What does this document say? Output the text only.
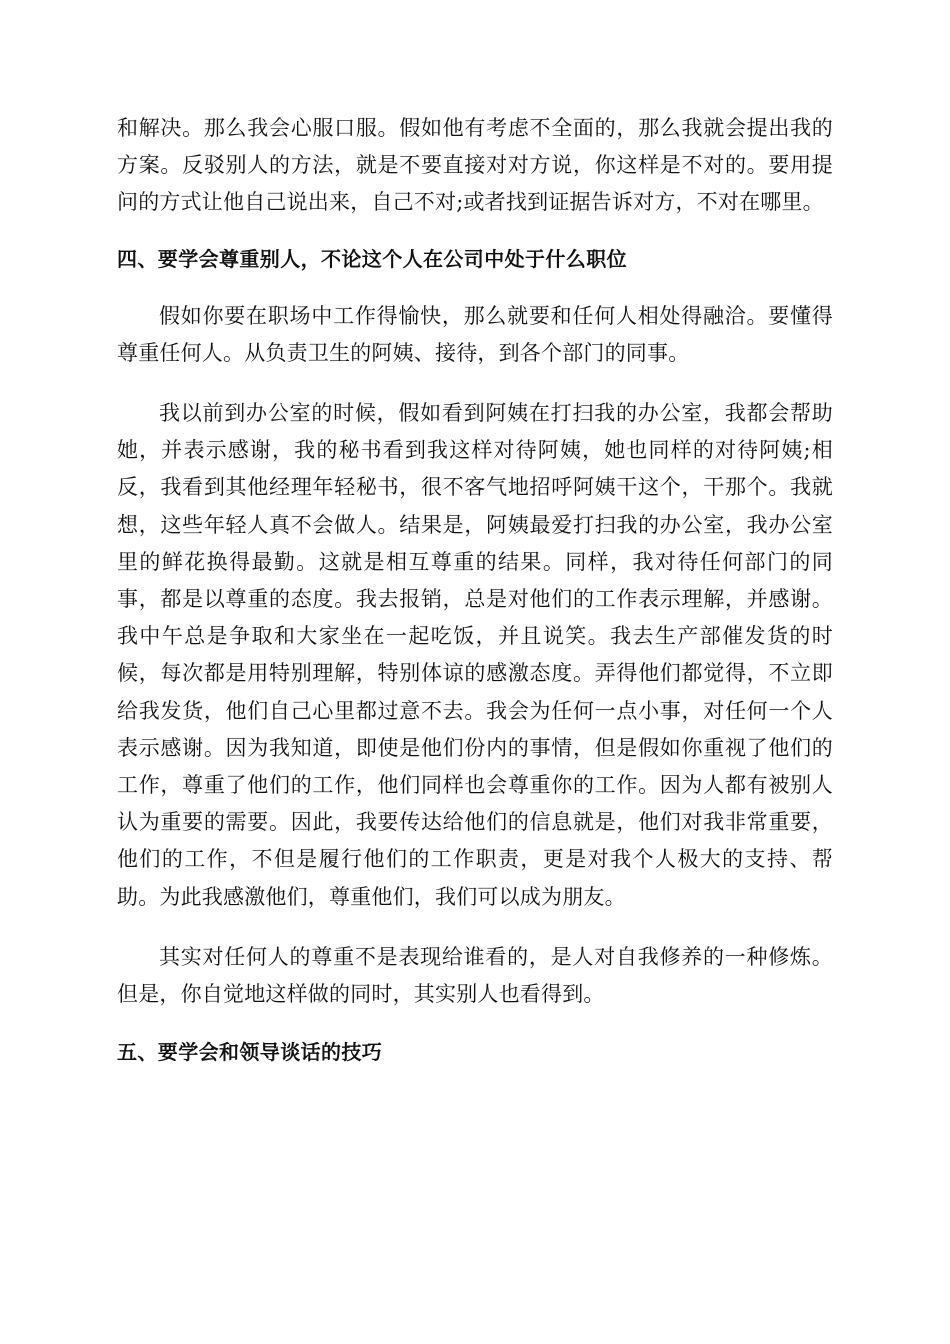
和解决。那么我会心服口服。假如他有考虑不全面的，那么我就会提出我的方案。反驳别人的方法，就是不要直接对对方说，你这样是不对的。要用提问的方式让他自己说出来，自己不对;或者找到证据告诉对方，不对在哪里。

四、要学会尊重别人，不论这个人在公司中处于什么职位

假如你要在职场中工作得愉快，那么就要和任何人相处得融洽。要懂得尊重任何人。从负责卫生的阿姨、接待，到各个部门的同事。

我以前到办公室的时候，假如看到阿姨在打扫我的办公室，我都会帮助她，并表示感谢，我的秘书看到我这样对待阿姨，她也同样的对待阿姨;相反，我看到其他经理年轻秘书，很不客气地招呼阿姨干这个，干那个。我就想，这些年轻人真不会做人。结果是，阿姨最爱打扫我的办公室，我办公室里的鲜花换得最勤。这就是相互尊重的结果。同样，我对待任何部门的同事，都是以尊重的态度。我去报销，总是对他们的工作表示理解，并感谢。我中午总是争取和大家坐在一起吃饭，并且说笑。我去生产部催发货的时候，每次都是用特别理解，特别体谅的感激态度。弄得他们都觉得，不立即给我发货，他们自己心里都过意不去。我会为任何一点小事，对任何一个人表示感谢。因为我知道，即使是他们份内的事情，但是假如你重视了他们的工作，尊重了他们的工作，他们同样也会尊重你的工作。因为人都有被别人认为重要的需要。因此，我要传达给他们的信息就是，他们对我非常重要，他们的工作，不但是履行他们的工作职责，更是对我个人极大的支持、帮助。为此我感激他们，尊重他们，我们可以成为朋友。

其实对任何人的尊重不是表现给谁看的，是人对自我修养的一种修炼。但是，你自觉地这样做的同时，其实别人也看得到。

五、要学会和领导谈话的技巧
